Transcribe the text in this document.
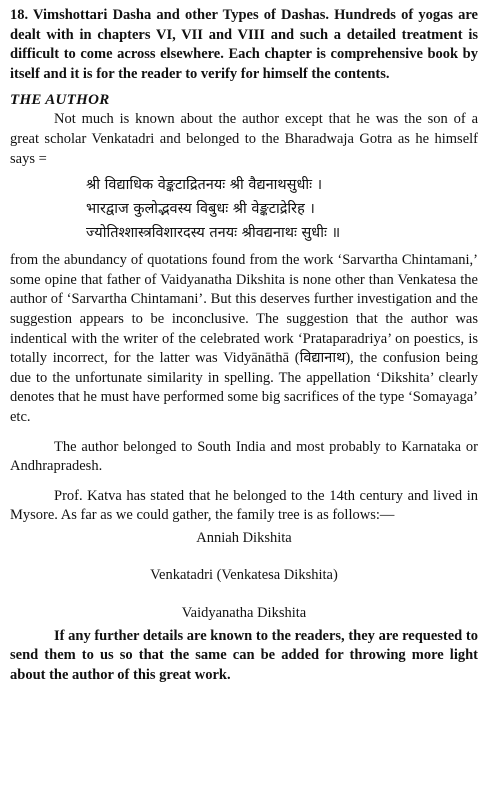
18. Vimshottari Dasha and other Types of Dashas. Hundreds of yogas are dealt with in chapters VI, VII and VIII and such a detailed treatment is difficult to come across elsewhere. Each chapter is comprehensive book by itself and it is for the reader to verify for himself the contents.

THE AUTHOR

Not much is known about the author except that he was the son of a great scholar Venkatadri and belonged to the Bharadwaja Gotra as he himself says =

श्री विद्याधिक वेङ्कटाद्रितनयः श्री वैद्यनाथसुधीः ।
भारद्वाज कुलोद्भवस्य विबुधः श्री वेङ्कटाद्रेरिह ।
ज्योतिश्शास्त्रविशारदस्य तनयः श्रीवद्यनाथः सुधीः ॥

from the abundancy of quotations found from the work ‘Sarvartha Chintamani,’ some opine that father of Vaidyanatha Dikshita is none other than Venkatesa the author of ‘Sarvartha Chintamani’. But this deserves further investigation and the suggestion appears to be inconclusive. The suggestion that the author was indentical with the writer of the celebrated work ‘Prataparadriya’ on poestics, is totally incorrect, for the latter was Vidyānāthā (विद्यानाथ), the confusion being due to the unfortunate similarity in spelling. The appellation ‘Dikshita’ clearly denotes that he must have performed some big sacrifices of the type ‘Somayaga’ etc.

The author belonged to South India and most probably to Karnataka or Andhrapradesh.

Prof. Katva has stated that he belonged to the 14th century and lived in Mysore. As far as we could gather, the family tree is as follows:—

Anniah Dikshita
Venkatadri (Venkatesa Dikshita)
Vaidyanatha Dikshita

If any further details are known to the readers, they are requested to send them to us so that the same can be added for throwing more light about the author of this great work.
